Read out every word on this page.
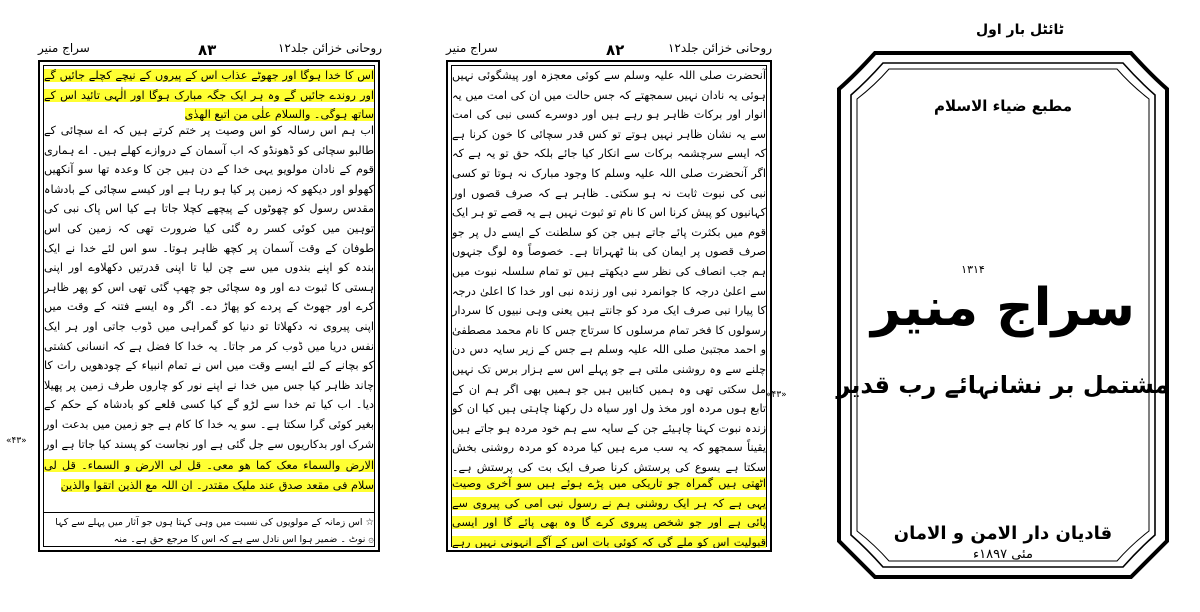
روحانی خزائن جلد۱۲
۸۳
سراج منیر
اس کا خدا ہوگا اور جھوٹے عذاب اس کے پیروں کے نیچے کچلے جائیں گے اور روندے جائیں گے وہ ہر ایک جگہ مبارک ہوگا اور الٰہی تائید اس کے ساتھ ہوگی۔ والسلام علٰی من اتبع الھدٰی
اب ہم اس رسالہ کو اس وصیت پر ختم کرتے ہیں کہ اے سچائی کے طالبو سچائی کو ڈھونڈو کہ اب آسمان کے دروازے کھلے ہیں۔ اے ہماری قوم کے نادان مولویو یہی خدا کے دن ہیں جن کا وعدہ تھا سو آنکھیں کھولو اور دیکھو کہ زمین پر کیا ہو رہا ہے اور کیسے سچائی کے بادشاہ مقدس رسول کو چھوٹوں کے پیچھے کچلا جاتا ہے کیا اس پاک نبی کی توہین میں کوئی کسر رہ گئی کیا ضرورت تھی کہ زمین کی اس طوفان کے وقت آسمان پر کچھ ظاہر ہوتا۔ سو اس لئے خدا نے ایک بندہ کو اپنے بندوں میں سے چن لیا تا اپنی قدرتیں دکھلاوے اور اپنی ہستی کا ثبوت دے اور وہ سچائی جو چھپ گئی تھی اس کو پھر ظاہر کرے اور جھوٹ کے پردے کو پھاڑ دے۔ اگر وہ ایسے فتنہ کے وقت میں اپنی پیروی نہ دکھلاتا تو دنیا کو گمراہی میں ڈوب جاتی اور ہر ایک نفس دریا میں ڈوب کر مر جاتا۔ یہ خدا کا فضل ہے کہ انسانی کشتی کو بچانے کے لئے ایسے وقت میں اس نے تمام انبیاء کے چودھویں رات کا چاند ظاہر کیا جس میں خدا نے اپنے نور کو چاروں طرف زمین پر پھیلا دیا۔ اب کیا تم خدا سے لڑو گے کیا کسی قلعے کو بادشاہ کے حکم کے بغیر کوئی گرا سکتا ہے۔ سو یہ خدا کا کام ہے جو زمین میں بدعت اور شرک اور بدکاریوں سے جل گئی ہے اور نجاست کو پسند کیا جاتا ہے اور
الارض والسماء معک کما ھو معی۔ قل لی الارض و السماء۔ قل لی سلام فی مقعد صدق عند ملیک مقتدر۔ ان اللہ مع الذین اتقوا والذین
☆ اس زمانہ کے مولویوں کی نسبت میں وہی کہتا ہوں جو آثار میں پہلے سے کہا
۞ نوٹ ۔ ضمیر ہوا اس نادل سے ہے کہ اس کا مرجع حق ہے۔ منہ
«۴۳»
روحانی خزائن جلد۱۲
۸۲
سراج منیر
آنحضرت صلی اللہ علیہ وسلم سے کوئی معجزہ اور پیشگوئی نہیں ہوئی یہ نادان نہیں سمجھتے کہ جس حالت میں ان کی امت میں یہ انوار اور برکات ظاہر ہو رہے ہیں اور دوسرے کسی نبی کی امت سے یہ نشان ظاہر نہیں ہوتے تو کس قدر سچائی کا خون کرنا ہے کہ ایسے سرچشمہ برکات سے انکار کیا جائے بلکہ حق تو یہ ہے کہ اگر آنحضرت صلی اللہ علیہ وسلم کا وجود مبارک نہ ہوتا تو کسی نبی کی نبوت ثابت نہ ہو سکتی۔ ظاہر ہے کہ صرف قصوں اور کہانیوں کو پیش کرنا اس کا نام تو ثبوت نہیں ہے یہ قصے تو ہر ایک قوم میں بکثرت پائے جاتے ہیں جن کو سلطنت کے ایسے دل پر جو صرف قصوں پر ایمان کی بنا ٹھہراتا ہے۔ خصوصاً وہ لوگ جنہوں
ہم جب انصاف کی نظر سے دیکھتے ہیں تو تمام سلسلہ نبوت میں سے اعلیٰ درجہ کا جوانمرد نبی اور زندہ نبی اور خدا کا اعلیٰ درجہ کا پیارا نبی صرف ایک مرد کو جانتے ہیں یعنی وہی نبیوں کا سردار رسولوں کا فخر تمام مرسلوں کا سرتاج جس کا نام محمد مصطفیٰ و احمد مجتبیٰ صلی اللہ علیہ وسلم ہے جس کے زیر سایہ دس دن چلنے سے وہ روشنی ملتی ہے جو پہلے اس سے ہزار برس تک نہیں مل سکتی تھی وہ ہمیں کتابیں ہیں جو ہمیں بھی اگر ہم ان کے تابع ہوں مردہ اور مخذ ول اور سیاہ دل رکھنا چاہتی ہیں کیا ان کو زندہ نبوت کہنا چاہیئے جن کے سایہ سے ہم خود مردہ ہو جاتے ہیں یقیناً سمجھو کہ یہ سب مرے ہیں کیا مردہ کو مردہ روشنی بخش سکتا ہے یسوع کی پرستش کرنا صرف ایک بت کی پرستش ہے۔
اٹھتی ہیں گمراہ جو تاریکی میں پڑے ہوئے ہیں سو آخری وصیت یہی ہے کہ ہر ایک روشنی ہم نے رسول نبی امی کی پیروی سے پائی ہے اور جو شخص پیروی کرے گا وہ بھی پائے گا اور ایسی قبولیت اس کو ملے گی کہ کوئی بات اس کے آگے انہونی نہیں رہے
«۴۳»
ٹائٹل بار اول
مطبع ضیاء الاسلام
۱۳۱۴
سراج منیر
مشتمل بر نشانہائے رب قدیر
قادیان دار الامن و الامان
مئی ۱۸۹۷ء
